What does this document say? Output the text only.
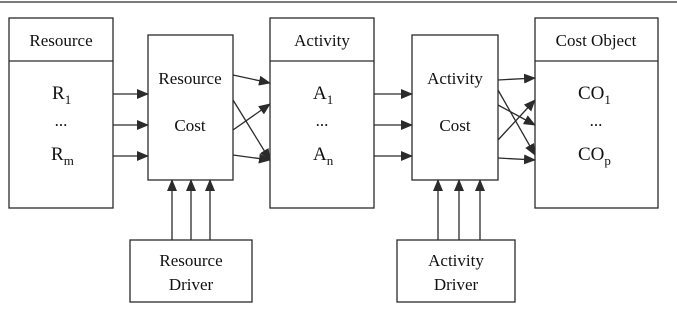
Resource
$R_1$
...
$R_m$
Resource
Cost
Activity
$A_1$
...
$A_n$
Activity
Cost
Cost Object
$CO_1$
...
$CO_p$
Resource
Driver
Activity
Driver
